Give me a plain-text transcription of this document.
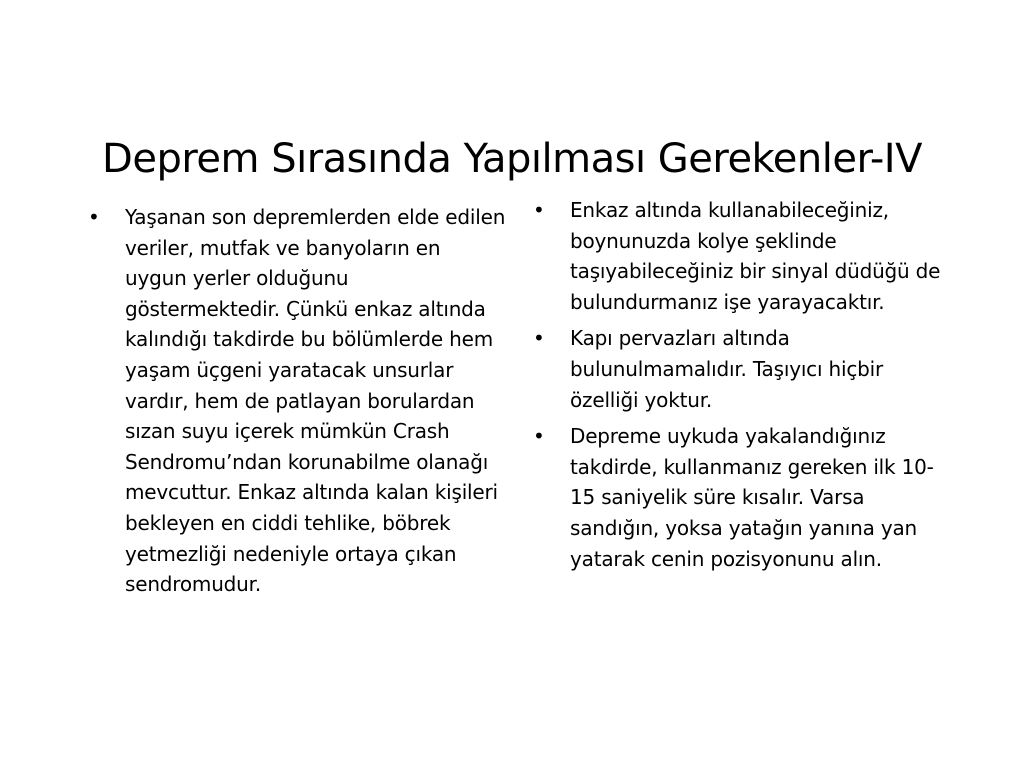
Deprem Sırasında Yapılması Gerekenler-IV
•	Yaşanan son depremlerden elde edilen veriler, mutfak ve banyoların en uygun yerler olduğunu göstermektedir. Çünkü enkaz altında kalındığı takdirde bu bölümlerde hem yaşam üçgeni yaratacak unsurlar vardır, hem de patlayan borulardan sızan suyu içerek mümkün Crash Sendromu’ndan korunabilme olanağı mevcuttur. Enkaz altında kalan kişileri bekleyen en ciddi tehlike, böbrek yetmezliği nedeniyle ortaya çıkan sendromudur.
•	Enkaz altında kullanabileceğiniz, boynunuzda kolye şeklinde taşıyabileceğiniz bir sinyal düdüğü de bulundurmanız işe yarayacaktır.
•	Kapı pervazları altında bulunulmamalıdır. Taşıyıcı hiçbir özelliği yoktur.
•	Depreme uykuda yakalandığınız takdirde, kullanmanız gereken ilk 10-15 saniyelik süre kısalır. Varsa sandığın, yoksa yatağın yanına yan yatarak cenin pozisyonunu alın.
